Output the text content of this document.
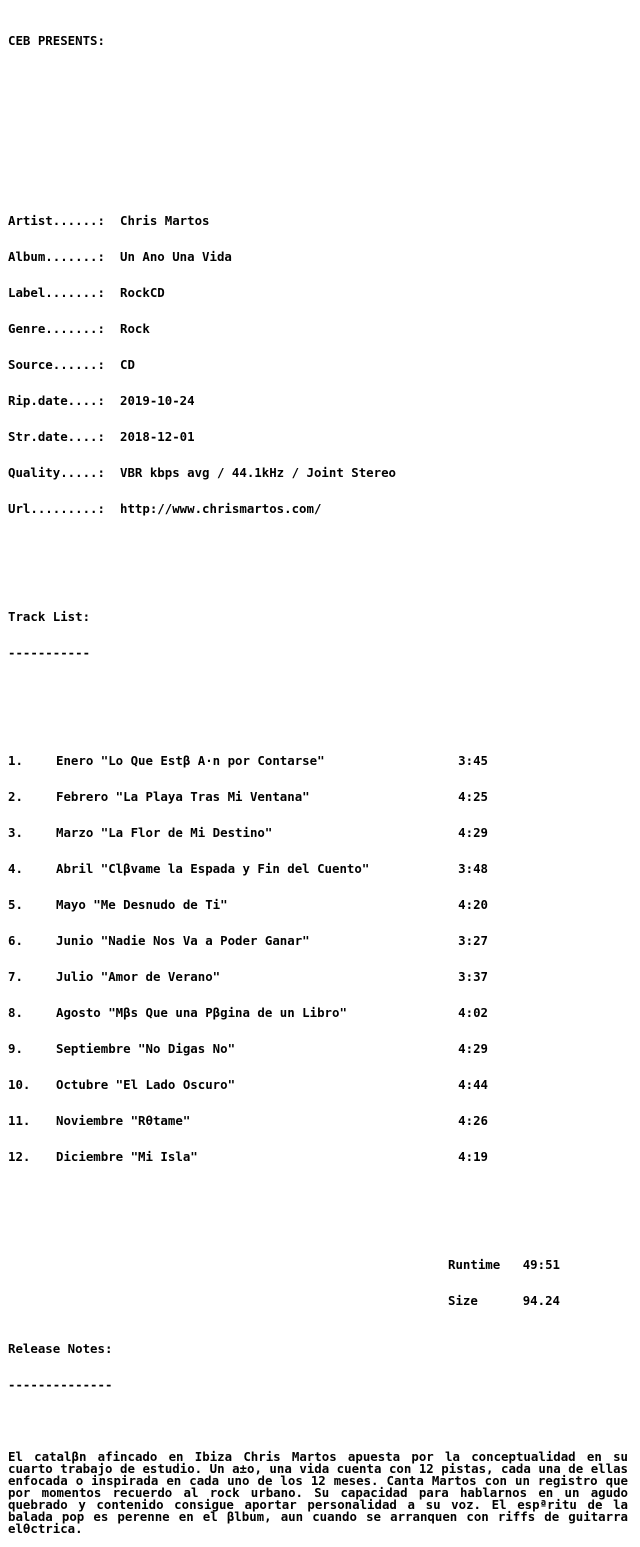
CEB PRESENTS:

Artist......:	Chris Martos

Album.......:	Un Ano Una Vida

Label.......:	RockCD

Genre.......:	Rock

Source......:	CD

Rip.date....:	2019-10-24

Str.date....:	2018-12-01

Quality.....:	VBR kbps avg / 44.1kHz / Joint Stereo

Url.........:	http://www.chrismartos.com/

Track List:

-----------

1.	Enero "Lo Que Estβ A·n por Contarse"	3:45

2.	Febrero "La Playa Tras Mi Ventana"	4:25

3.	Marzo "La Flor de Mi Destino"	4:29

4.	Abril "Clβvame la Espada y Fin del Cuento"	3:48

5.	Mayo "Me Desnudo de Ti"	4:20

6.	Junio "Nadie Nos Va a Poder Ganar"	3:27

7.	Julio "Amor de Verano"	3:37

8.	Agosto "Mβs Que una Pβgina de un Libro"	4:02

9.	Septiembre "No Digas No"	4:29

10.	Octubre "El Lado Oscuro"	4:44

11.	Noviembre "Rθtame"	4:26

12.	Diciembre "Mi Isla"	4:19

Runtime	49:51

Size	94.24

Release Notes:

--------------

El catalβn afincado en Ibiza Chris Martos apuesta por la conceptualidad en su cuarto trabajo de estudio. Un a±o, una vida cuenta con 12 pistas, cada una de ellas enfocada o inspirada en cada uno de los 12 meses. Canta Martos con un registro que por momentos recuerdo al rock urbano. Su capacidad para hablarnos en un agudo quebrado y contenido consigue aportar personalidad a su voz. El espªritu de la balada pop es perenne en el βlbum, aun cuando se arranquen con riffs de guitarra elθctrica.
